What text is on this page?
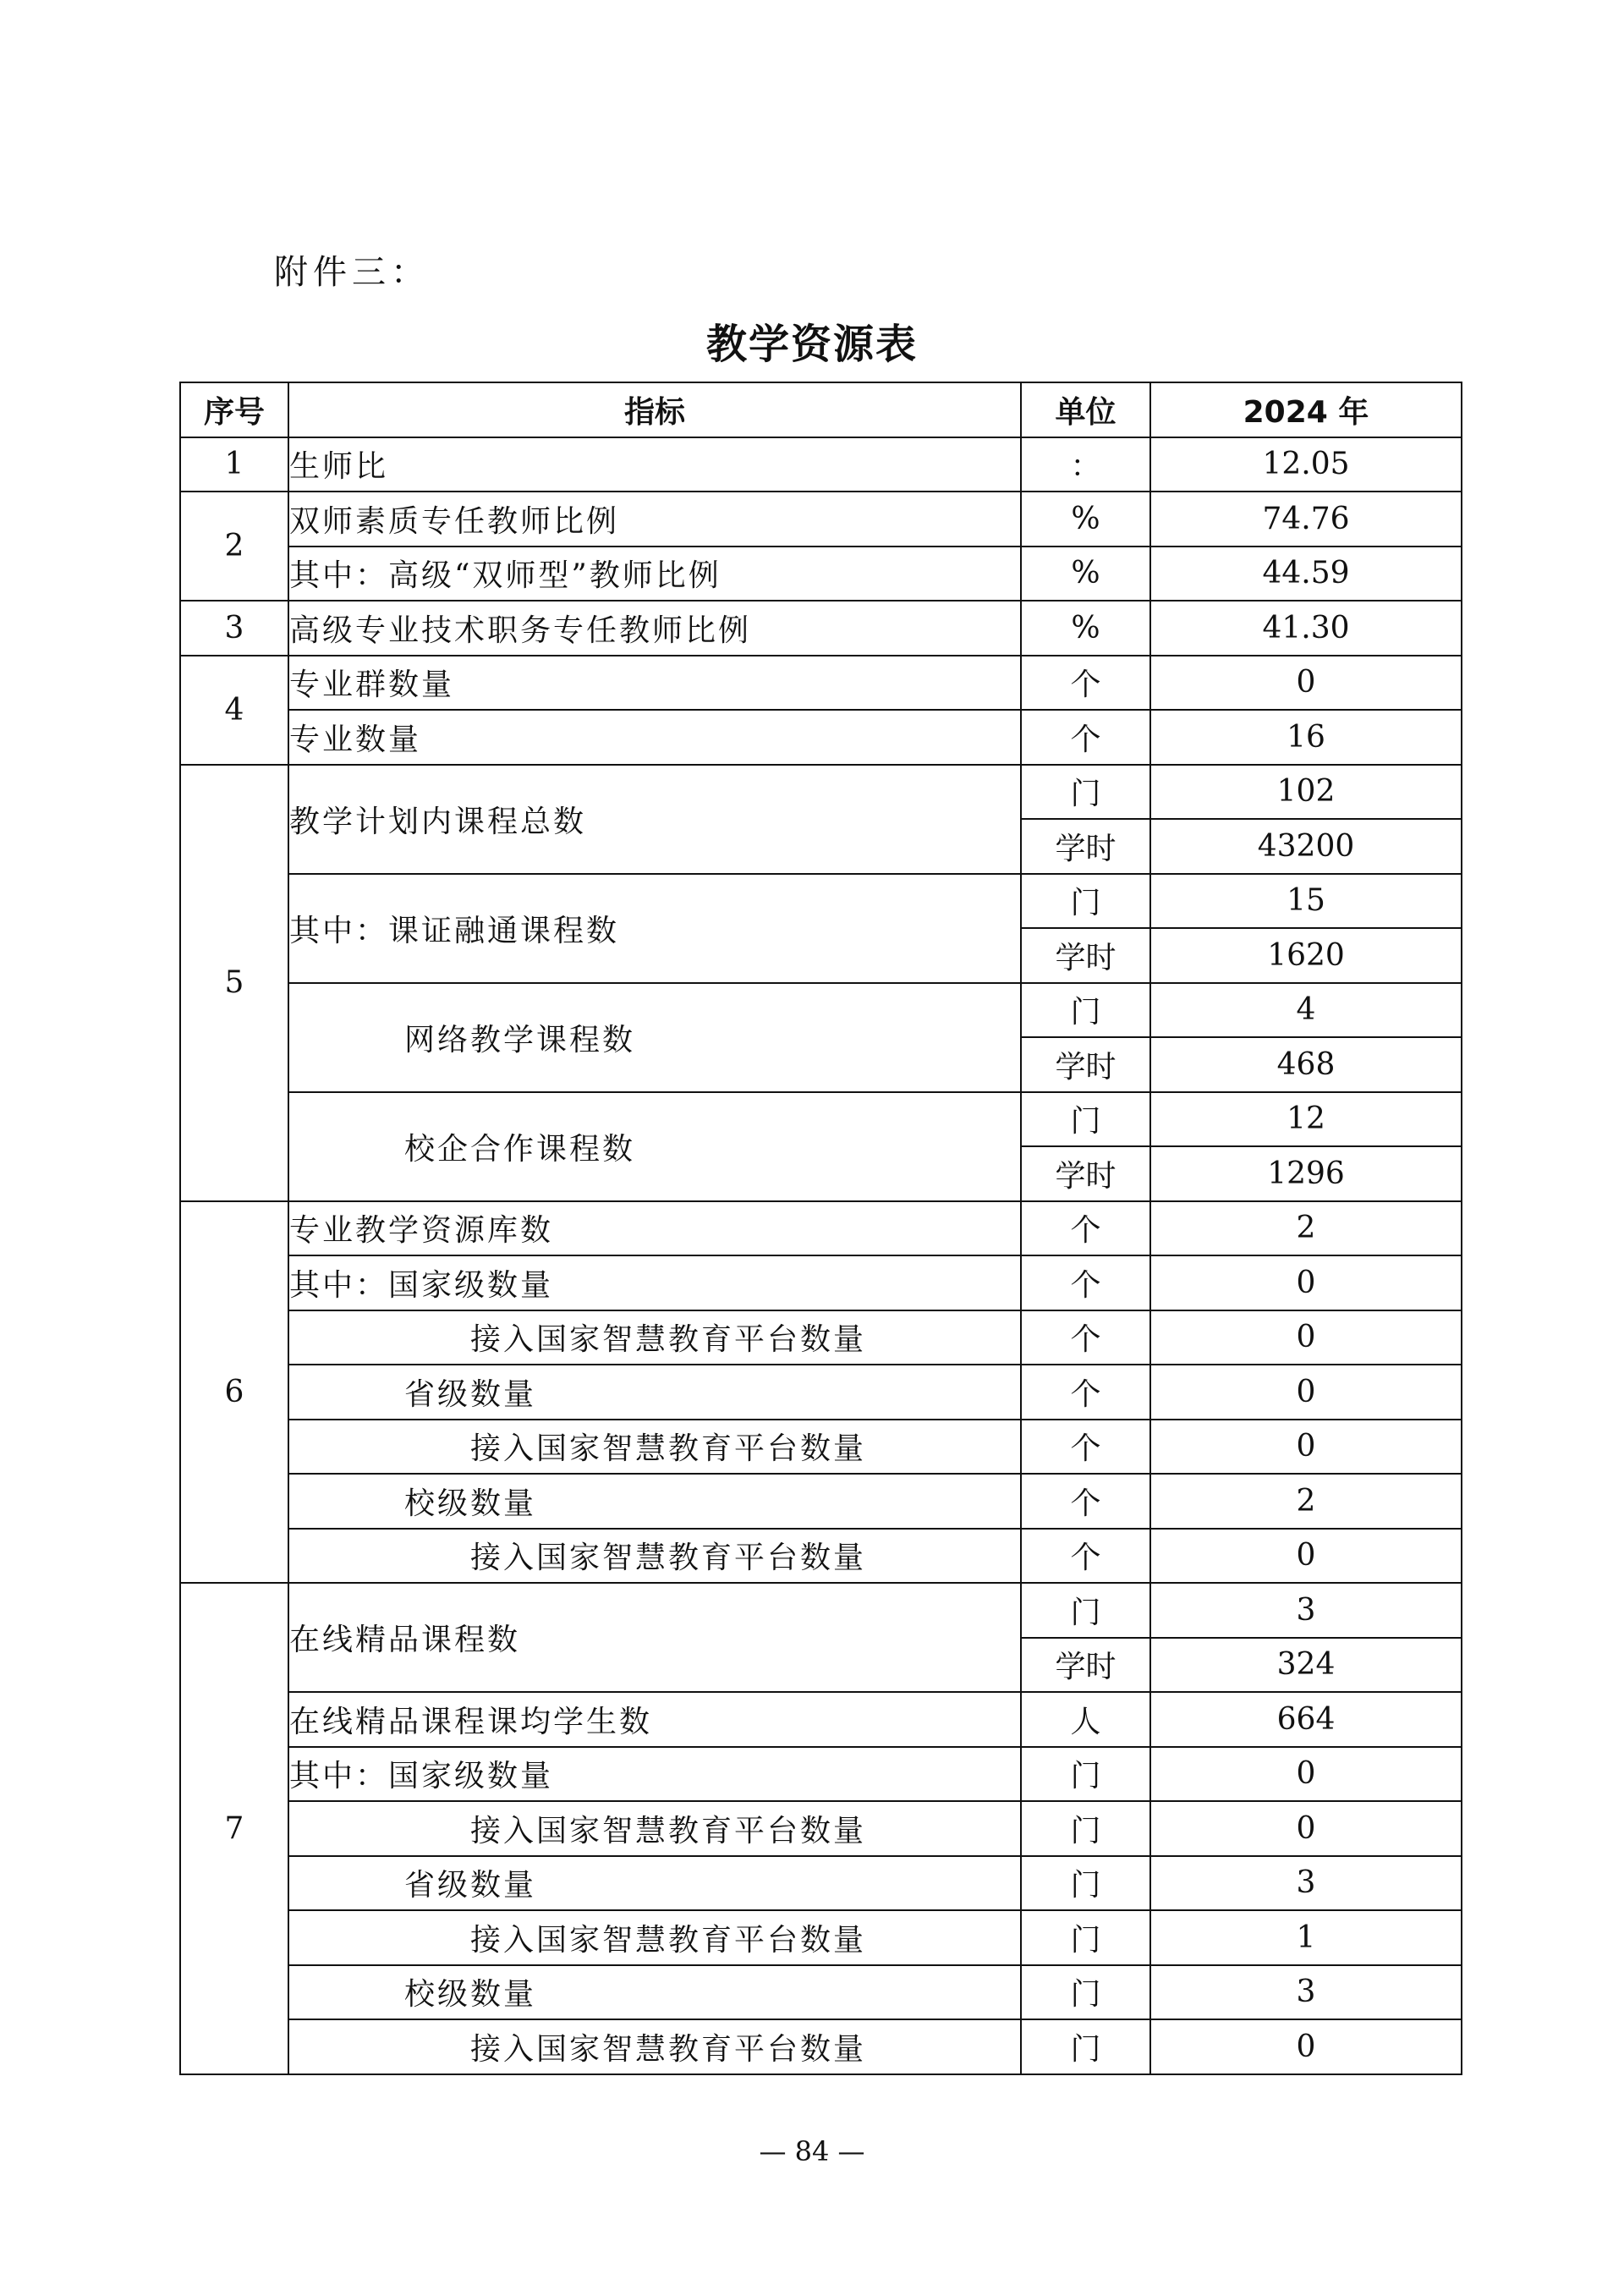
附件三：
教学资源表
序号	指标	单位	2024 年
1	生师比	：	12.05
2	双师素质专任教师比例	%	74.76
	其中：高级“双师型”教师比例	%	44.59
3	高级专业技术职务专任教师比例	%	41.30
4	专业群数量	个	0
	专业数量	个	16
5	教学计划内课程总数	门	102
		学时	43200
	其中：课证融通课程数	门	15
		学时	1620
	网络教学课程数	门	4
		学时	468
	校企合作课程数	门	12
		学时	1296
6	专业教学资源库数	个	2
	其中：国家级数量	个	0
	接入国家智慧教育平台数量	个	0
	省级数量	个	0
	接入国家智慧教育平台数量	个	0
	校级数量	个	2
	接入国家智慧教育平台数量	个	0
7	在线精品课程数	门	3
		学时	324
	在线精品课程课均学生数	人	664
	其中：国家级数量	门	0
	接入国家智慧教育平台数量	门	0
	省级数量	门	3
	接入国家智慧教育平台数量	门	1
	校级数量	门	3
	接入国家智慧教育平台数量	门	0
— 84 —
